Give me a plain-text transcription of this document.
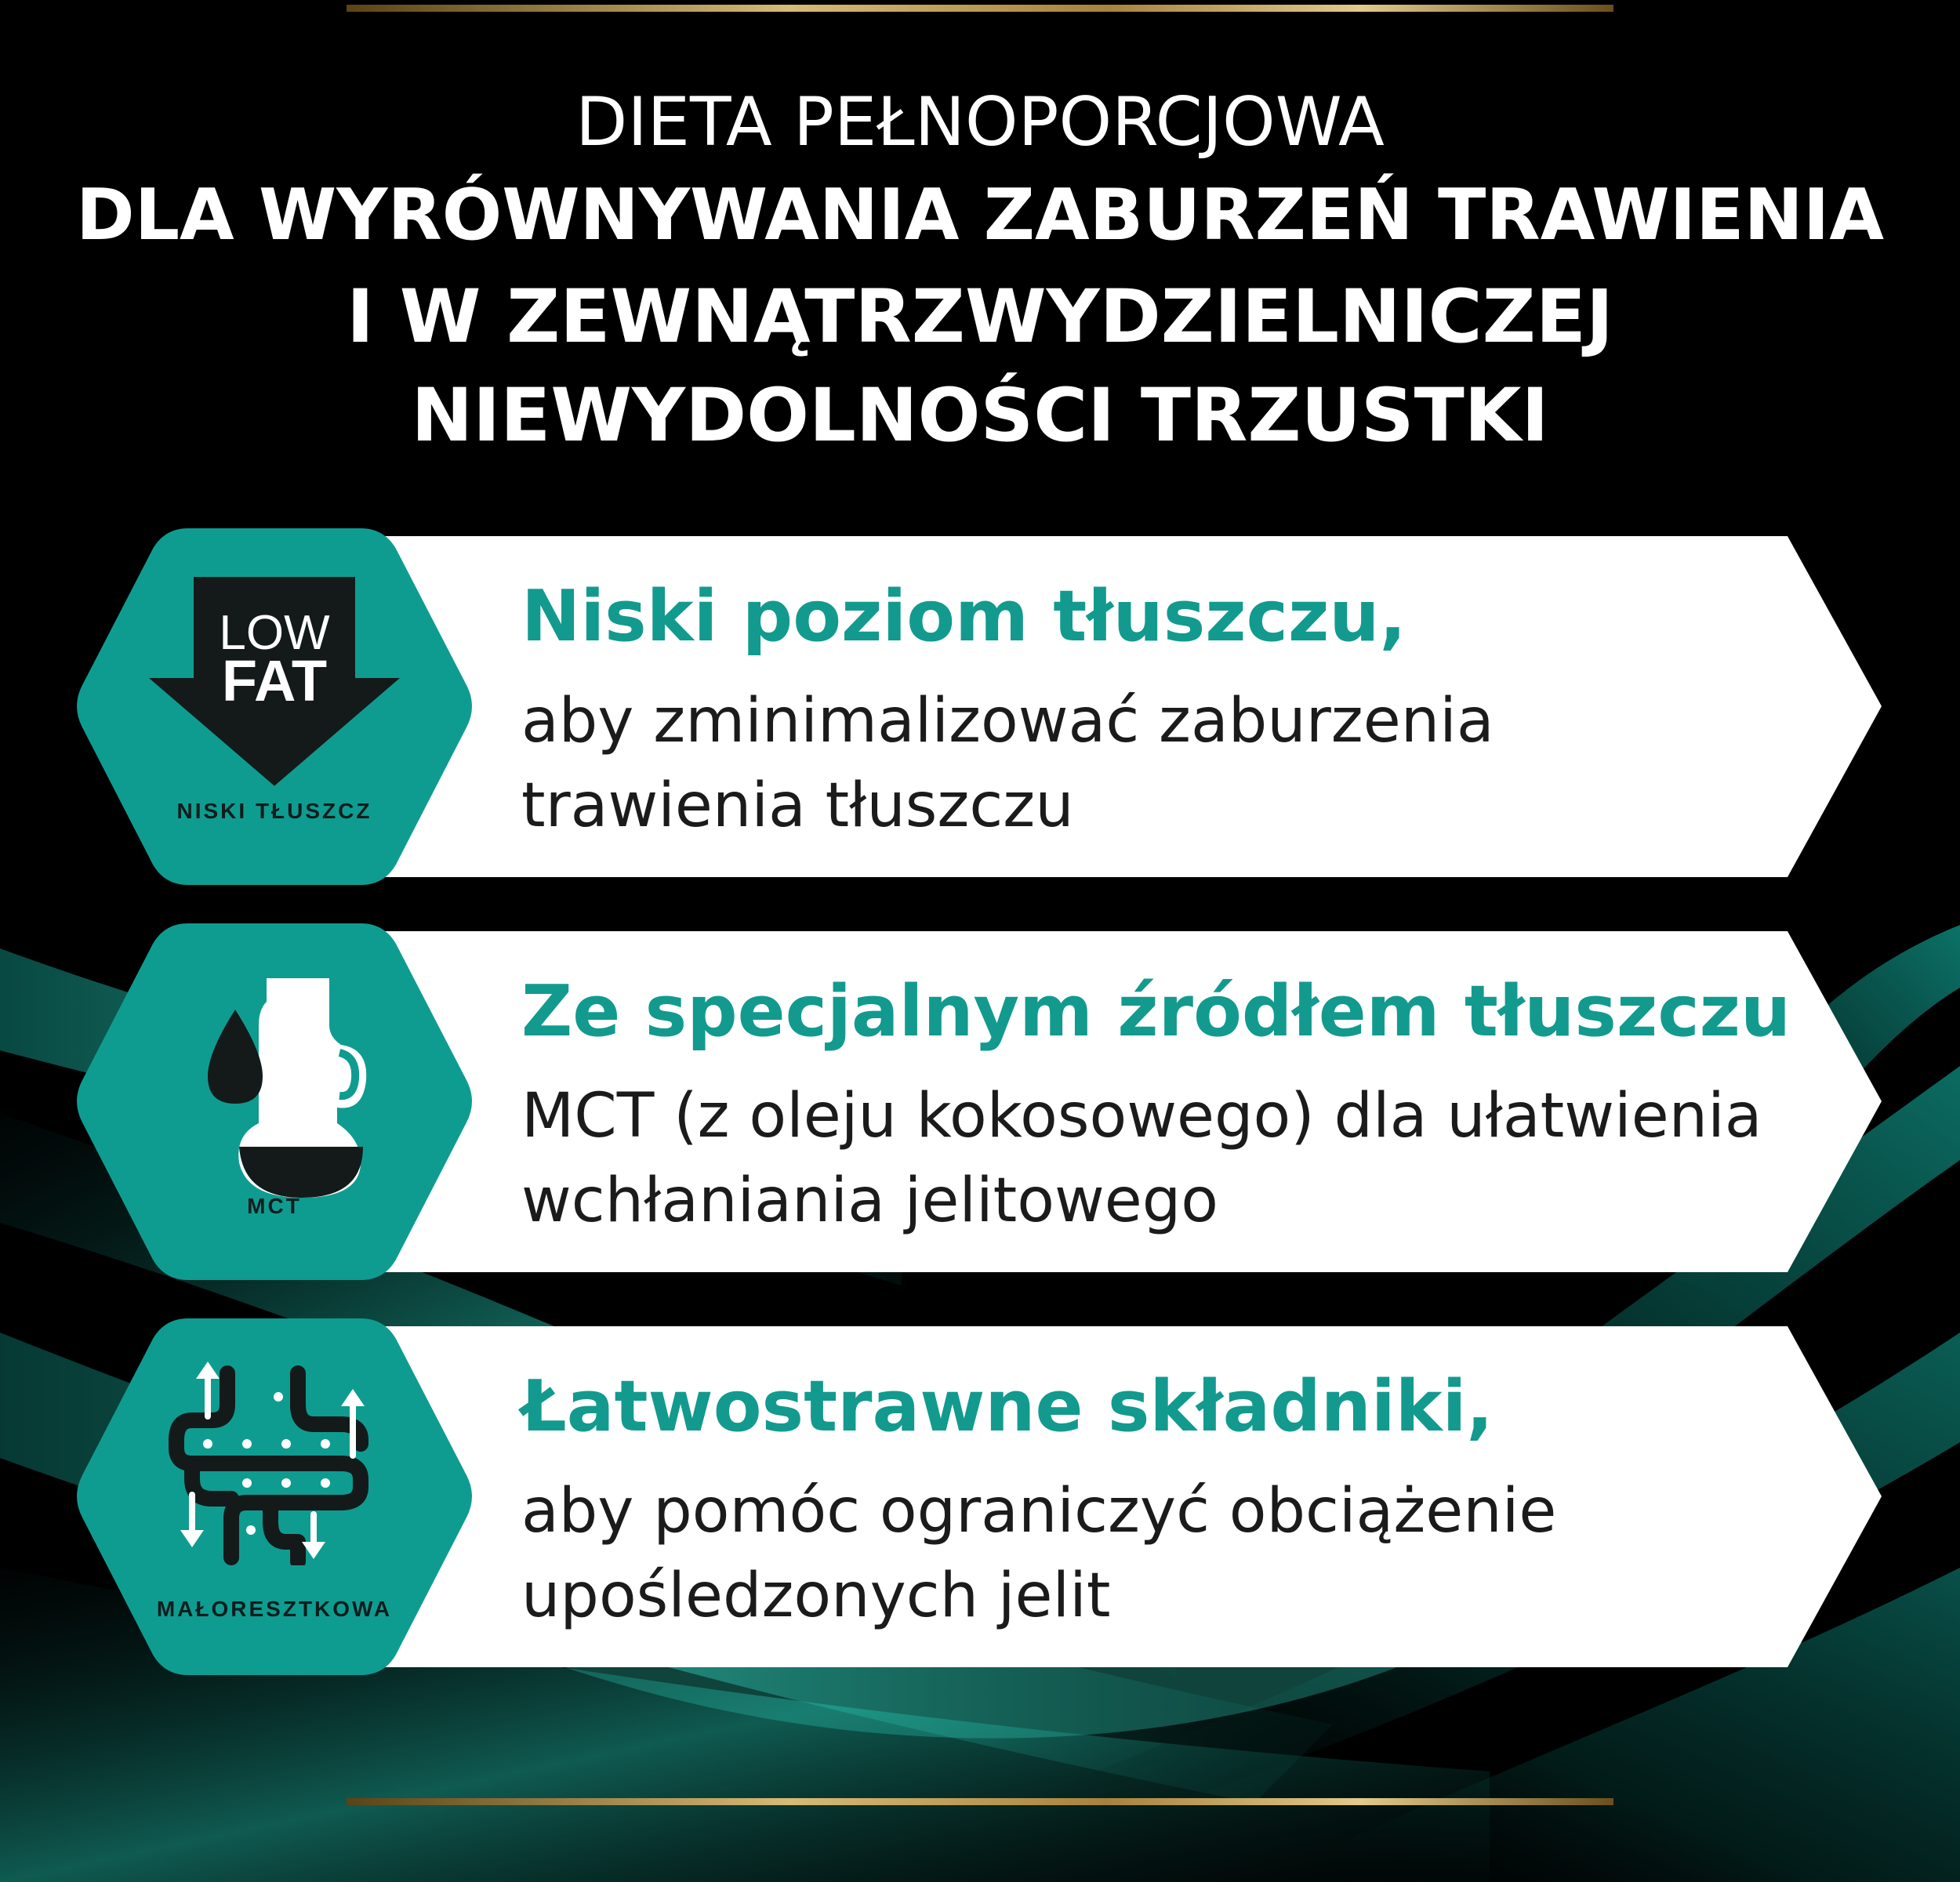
DIETA PEŁNOPORCJOWA
DLA WYRÓWNYWANIA ZABURZEŃ TRAWIENIA
I W ZEWNĄTRZWYDZIELNICZEJ
NIEWYDOLNOŚCI TRZUSTKI
LOW
FAT
NISKI TŁUSZCZ

Niski poziom tłuszczu,

aby zminimalizować zaburzenia
trawienia tłuszczu

MCT

Ze specjalnym źródłem tłuszczu

MCT (z oleju kokosowego) dla ułatwienia
wchłaniania jelitowego

MAŁORESZTKOWA

Łatwostrawne składniki,

aby pomóc ograniczyć obciążenie
upośledzonych jelit
